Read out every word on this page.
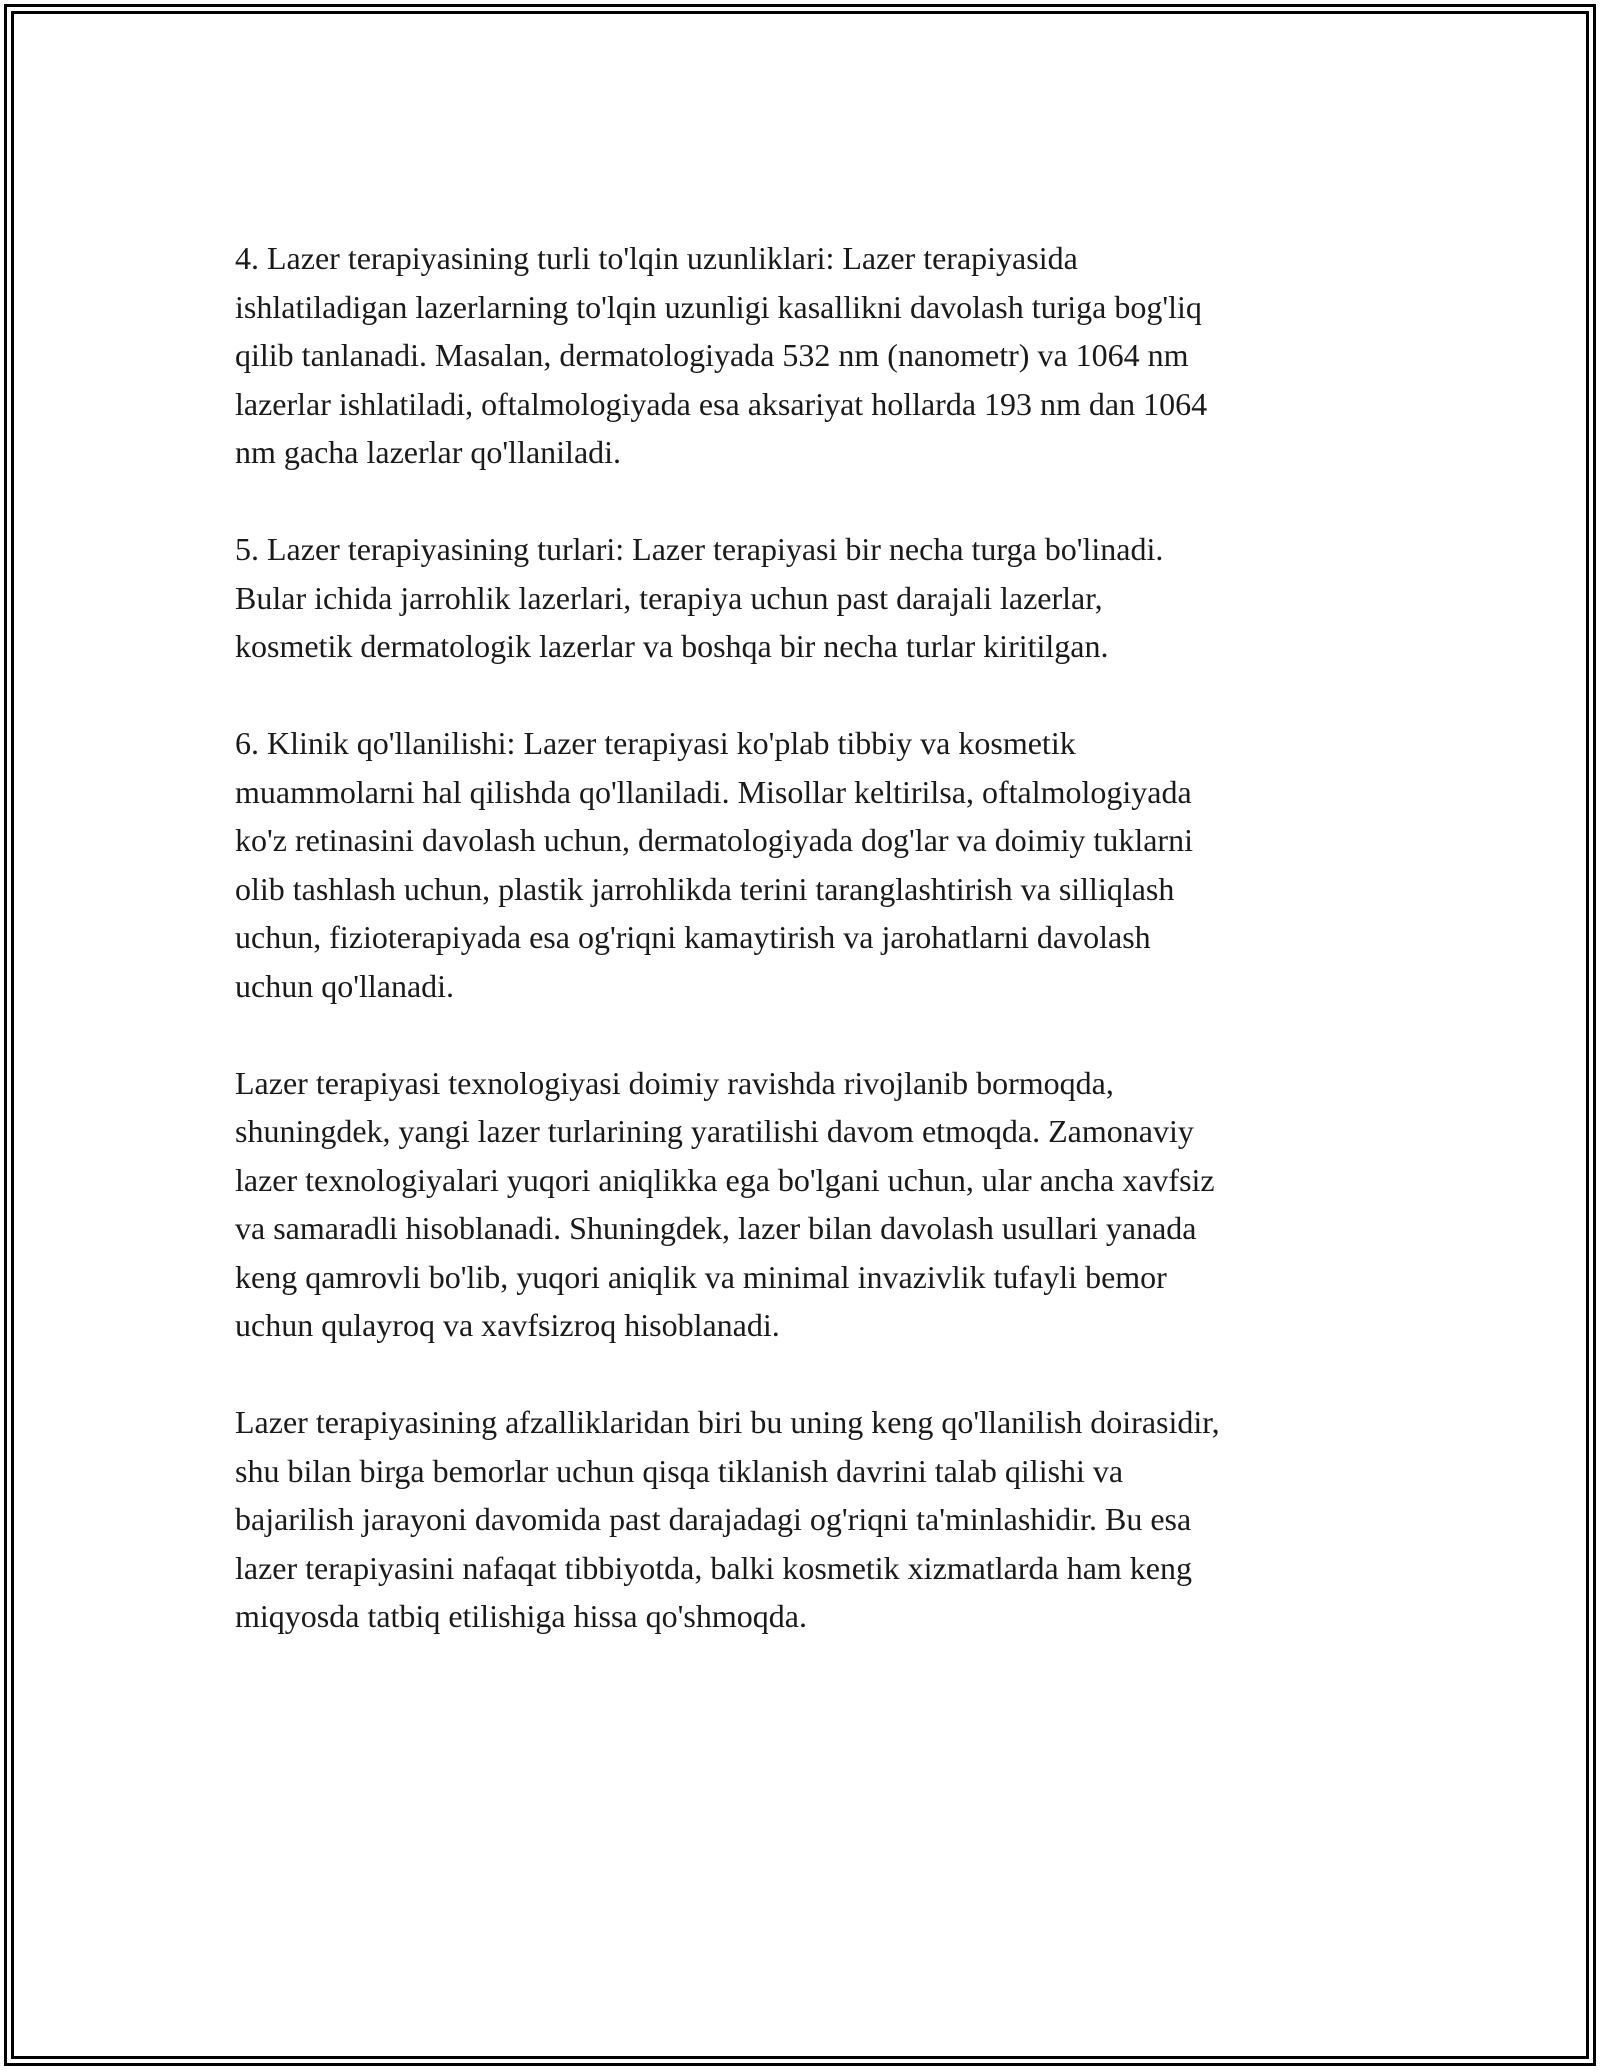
4. Lazer terapiyasining turli to'lqin uzunliklari: Lazer terapiyasida
ishlatiladigan lazerlarning to'lqin uzunligi kasallikni davolash turiga bog'liq
qilib tanlanadi. Masalan, dermatologiyada 532 nm (nanometr) va 1064 nm
lazerlar ishlatiladi, oftalmologiyada esa aksariyat hollarda 193 nm dan 1064
nm gacha lazerlar qo'llaniladi.

5. Lazer terapiyasining turlari: Lazer terapiyasi bir necha turga bo'linadi.
Bular ichida jarrohlik lazerlari, terapiya uchun past darajali lazerlar,
kosmetik dermatologik lazerlar va boshqa bir necha turlar kiritilgan.

6. Klinik qo'llanilishi: Lazer terapiyasi ko'plab tibbiy va kosmetik
muammolarni hal qilishda qo'llaniladi. Misollar keltirilsa, oftalmologiyada
ko'z retinasini davolash uchun, dermatologiyada dog'lar va doimiy tuklarni
olib tashlash uchun, plastik jarrohlikda terini taranglashtirish va silliqlash
uchun, fizioterapiyada esa og'riqni kamaytirish va jarohatlarni davolash
uchun qo'llanadi.

Lazer terapiyasi texnologiyasi doimiy ravishda rivojlanib bormoqda,
shuningdek, yangi lazer turlarining yaratilishi davom etmoqda. Zamonaviy
lazer texnologiyalari yuqori aniqlikka ega bo'lgani uchun, ular ancha xavfsiz
va samaradli hisoblanadi. Shuningdek, lazer bilan davolash usullari yanada
keng qamrovli bo'lib, yuqori aniqlik va minimal invazivlik tufayli bemor
uchun qulayroq va xavfsizroq hisoblanadi.

Lazer terapiyasining afzalliklaridan biri bu uning keng qo'llanilish doirasidir,
shu bilan birga bemorlar uchun qisqa tiklanish davrini talab qilishi va
bajarilish jarayoni davomida past darajadagi og'riqni ta'minlashidir. Bu esa
lazer terapiyasini nafaqat tibbiyotda, balki kosmetik xizmatlarda ham keng
miqyosda tatbiq etilishiga hissa qo'shmoqda.
